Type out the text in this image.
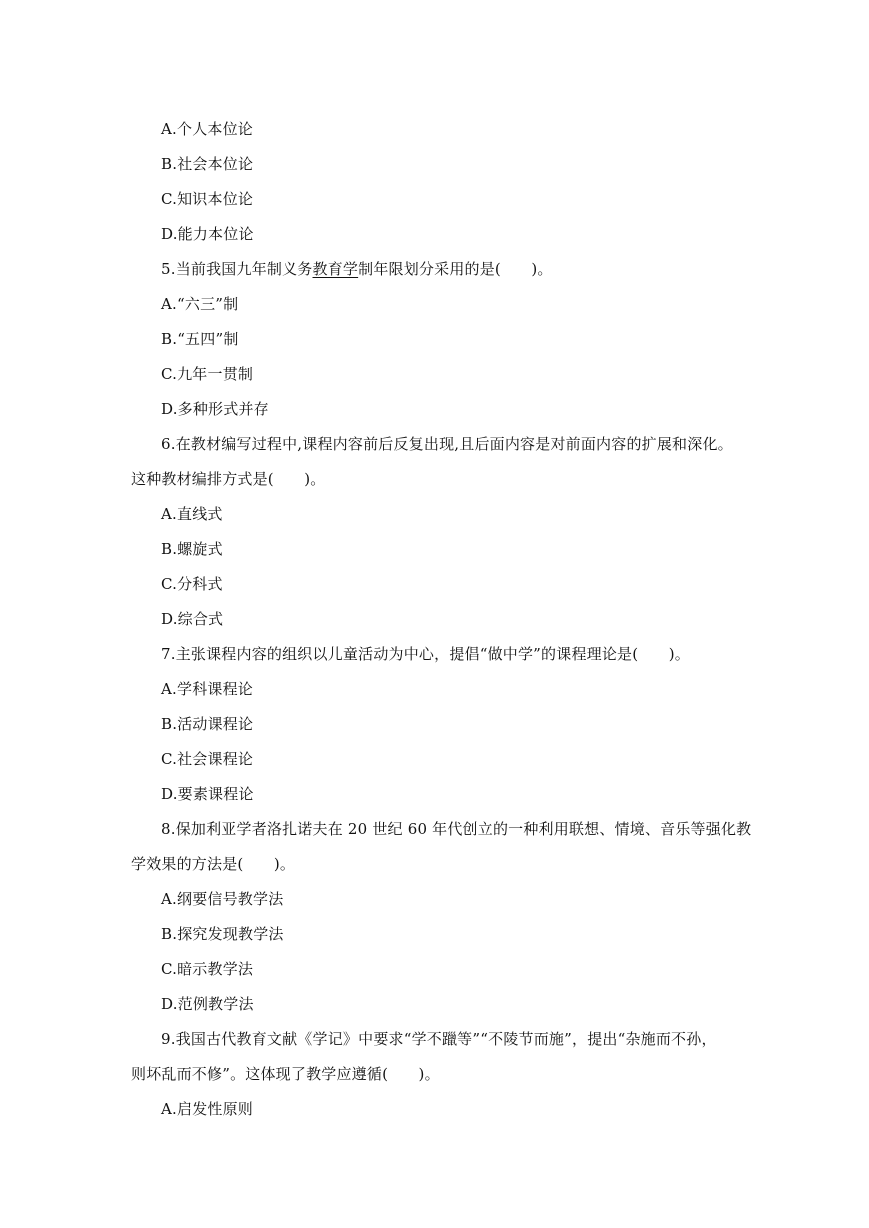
A.个人本位论
B.社会本位论
C.知识本位论
D.能力本位论
5.当前我国九年制义务教育学制年限划分采用的是(　　)。
A.“六三”制
B.“五四”制
C.九年一贯制
D.多种形式并存
6.在教材编写过程中,课程内容前后反复出现,且后面内容是对前面内容的扩展和深化。
这种教材编排方式是(　　)。
A.直线式
B.螺旋式
C.分科式
D.综合式
7.主张课程内容的组织以儿童活动为中心，提倡“做中学”的课程理论是(　　)。
A.学科课程论
B.活动课程论
C.社会课程论
D.要素课程论
8.保加利亚学者洛扎诺夫在 20 世纪 60 年代创立的一种利用联想、情境、音乐等强化教
学效果的方法是(　　)。
A.纲要信号教学法
B.探究发现教学法
C.暗示教学法
D.范例教学法
9.我国古代教育文献《学记》中要求“学不躐等”“不陵节而施”，提出“杂施而不孙，
则坏乱而不修”。这体现了教学应遵循(　　)。
A.启发性原则
